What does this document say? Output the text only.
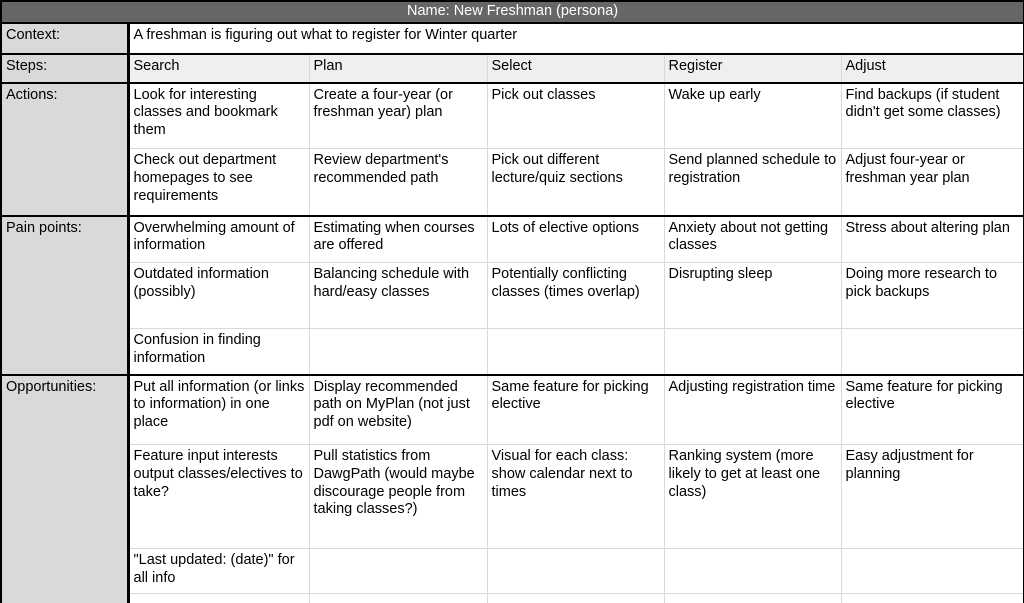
Name: New Freshman (persona)					
Context:	A freshman is figuring out what to register for Winter quarter				
Steps:	Search	Plan	Select	Register	Adjust
Actions:	Look for interesting classes and bookmark them	Create a four-year (or freshman year) plan	Pick out classes	Wake up early	Find backups (if student didn't get some classes)
	Check out department homepages to see requirements	Review department's recommended path	Pick out different lecture/quiz sections	Send planned schedule to registration	Adjust four-year or freshman year plan
Pain points:	Overwhelming amount of information	Estimating when courses are offered	Lots of elective options	Anxiety about not getting classes	Stress about altering plan
	Outdated information (possibly)	Balancing schedule with hard/easy classes	Potentially conflicting classes (times overlap)	Disrupting sleep	Doing more research to pick backups
	Confusion in finding information				
Opportunities:	Put all information (or links to information) in one place	Display recommended path on MyPlan (not just pdf on website)	Same feature for picking elective	Adjusting registration time	Same feature for picking elective
	Feature input interests output classes/electives to take?	Pull statistics from DawgPath (would maybe discourage people from taking classes?)	Visual for each class: show calendar next to times	Ranking system (more likely to get at least one class)	Easy adjustment for planning
	"Last updated: (date)" for all info				
